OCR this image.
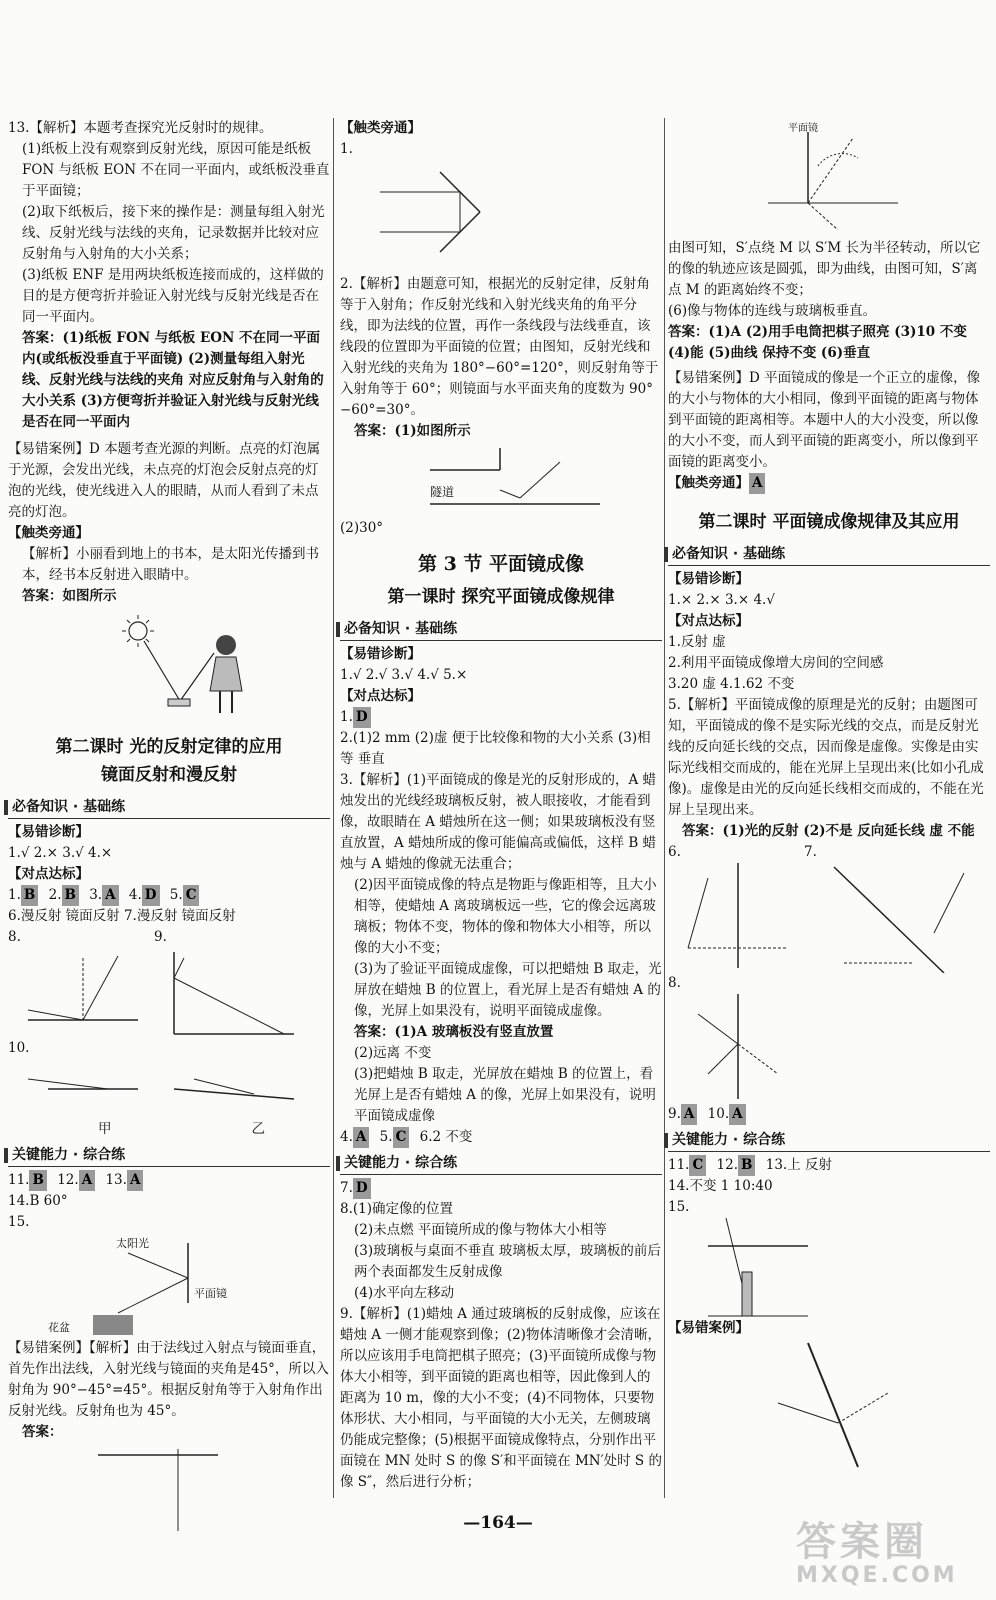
13.【解析】本题考查探究光反射时的规律。

(1)纸板上没有观察到反射光线，原因可能是纸板 FON 与纸板 EON 不在同一平面内，或纸板没垂直于平面镜；

(2)取下纸板后，接下来的操作是：测量每组入射光线、反射光线与法线的夹角，记录数据并比较对应反射角与入射角的大小关系；

(3)纸板 ENF 是用两块纸板连接而成的，这样做的目的是方便弯折并验证入射光线与反射光线是否在同一平面内。

答案：(1)纸板 FON 与纸板 EON 不在同一平面内(或纸板没垂直于平面镜) (2)测量每组入射光线、反射光线与法线的夹角 对应反射角与入射角的大小关系 (3)方便弯折并验证入射光线与反射光线是否在同一平面内

【易错案例】D 本题考查光源的判断。点亮的灯泡属于光源，会发出光线，未点亮的灯泡会反射点亮的灯泡的光线，使光线进入人的眼睛，从而人看到了未点亮的灯泡。

【触类旁通】

【解析】小丽看到地上的书本，是太阳光传播到书本，经书本反射进入眼睛中。

答案：如图所示

第二课时 光的反射定律的应用
镜面反射和漫反射
必备知识 · 基础练

【易错诊断】

1.√ 2.× 3.√ 4.×

【对点达标】

1. B 2. B 3. A 4. D 5. C

6.漫反射 镜面反射 7.漫反射 镜面反射

8.	9.

10.

甲	乙
关键能力 · 综合练

11. B 12. A 13. A

14.B 60°

15.

太阳光
平面镜
花盆

【易错案例】【解析】由于法线过入射点与镜面垂直，首先作出法线，入射光线与镜面的夹角是45°，所以入射角为 90°−45°=45°。根据反射角等于入射角作出反射光线。反射角也为 45°。

答案：

【触类旁通】

1.

2.【解析】由题意可知，根据光的反射定律，反射角等于入射角；作反射光线和入射光线夹角的角平分线，即为法线的位置，再作一条线段与法线垂直，该线段的位置即为平面镜的位置；由图知，反射光线和入射光线的夹角为 180°−60°=120°，则反射角等于入射角等于 60°；则镜面与水平面夹角的度数为 90°−60°=30°。

答案：(1)如图所示

隧道

(2)30°

第 3 节 平面镜成像
第一课时 探究平面镜成像规律
必备知识 · 基础练

【易错诊断】

1.√ 2.√ 3.√ 4.√ 5.×

【对点达标】

1. D

2.(1)2 mm (2)虚 便于比较像和物的大小关系 (3)相等 垂直

3.【解析】(1)平面镜成的像是光的反射形成的，A 蜡烛发出的光线经玻璃板反射，被人眼接收，才能看到像，故眼睛在 A 蜡烛所在这一侧；如果玻璃板没有竖直放置，A 蜡烛所成的像可能偏高或偏低，这样 B 蜡烛与 A 蜡烛的像就无法重合；

(2)因平面镜成像的特点是物距与像距相等，且大小相等，使蜡烛 A 离玻璃板远一些，它的像会远离玻璃板；物体不变，物体的像和物体大小相等，所以像的大小不变；

(3)为了验证平面镜成虚像，可以把蜡烛 B 取走，光屏放在蜡烛 B 的位置上，看光屏上是否有蜡烛 A 的像，光屏上如果没有，说明平面镜成虚像。

答案：(1)A 玻璃板没有竖直放置

(2)远离 不变

(3)把蜡烛 B 取走，光屏放在蜡烛 B 的位置上，看光屏上是否有蜡烛 A 的像，光屏上如果没有，说明平面镜成虚像

4. A 5. C 6.2 不变

关键能力 · 综合练

7. D

8.(1)确定像的位置

(2)未点燃 平面镜所成的像与物体大小相等

(3)玻璃板与桌面不垂直 玻璃板太厚，玻璃板的前后两个表面都发生反射成像

(4)水平向左移动

9.【解析】(1)蜡烛 A 通过玻璃板的反射成像，应该在蜡烛 A 一侧才能观察到像；(2)物体清晰像才会清晰，所以应该用手电筒把棋子照亮；(3)平面镜所成像与物体大小相等，到平面镜的距离也相等，因此像到人的距离为 10 m，像的大小不变；(4)不同物体，只要物体形状、大小相同，与平面镜的大小无关，左侧玻璃仍能成完整像；(5)根据平面镜成像特点，分别作出平面镜在 MN 处时 S 的像 S′和平面镜在 MN′处时 S 的像 S″，然后进行分析；

平面镜

由图可知，S′点绕 M 以 S′M 长为半径转动，所以它的像的轨迹应该是圆弧，即为曲线，由图可知，S′离点 M 的距离始终不变；

(6)像与物体的连线与玻璃板垂直。

答案：(1)A (2)用手电筒把棋子照亮 (3)10 不变 (4)能 (5)曲线 保持不变 (6)垂直

【易错案例】D 平面镜成的像是一个正立的虚像，像的大小与物体的大小相同，像到平面镜的距离与物体到平面镜的距离相等。本题中人的大小没变，所以像的大小不变，而人到平面镜的距离变小，所以像到平面镜的距离变小。

【触类旁通】 A

第二课时 平面镜成像规律及其应用
必备知识 · 基础练

【易错诊断】

1.× 2.× 3.× 4.√

【对点达标】

1.反射 虚

2.利用平面镜成像增大房间的空间感

3.20 虚 4.1.62 不变

5.【解析】平面镜成像的原理是光的反射；由题图可知，平面镜成的像不是实际光线的交点，而是反射光线的反向延长线的交点，因而像是虚像。实像是由实际光线相交而成的，能在光屏上呈现出来(比如小孔成像)。虚像是由光的反向延长线相交而成的，不能在光屏上呈现出来。

答案：(1)光的反射 (2)不是 反向延长线 虚 不能

6.	7.

8.

9. A 10. A

关键能力 · 综合练

11. C 12. B 13.上 反射

14.不变 1 10:40

15.

【易错案例】

—164—	答案圈
MXQE.COM
